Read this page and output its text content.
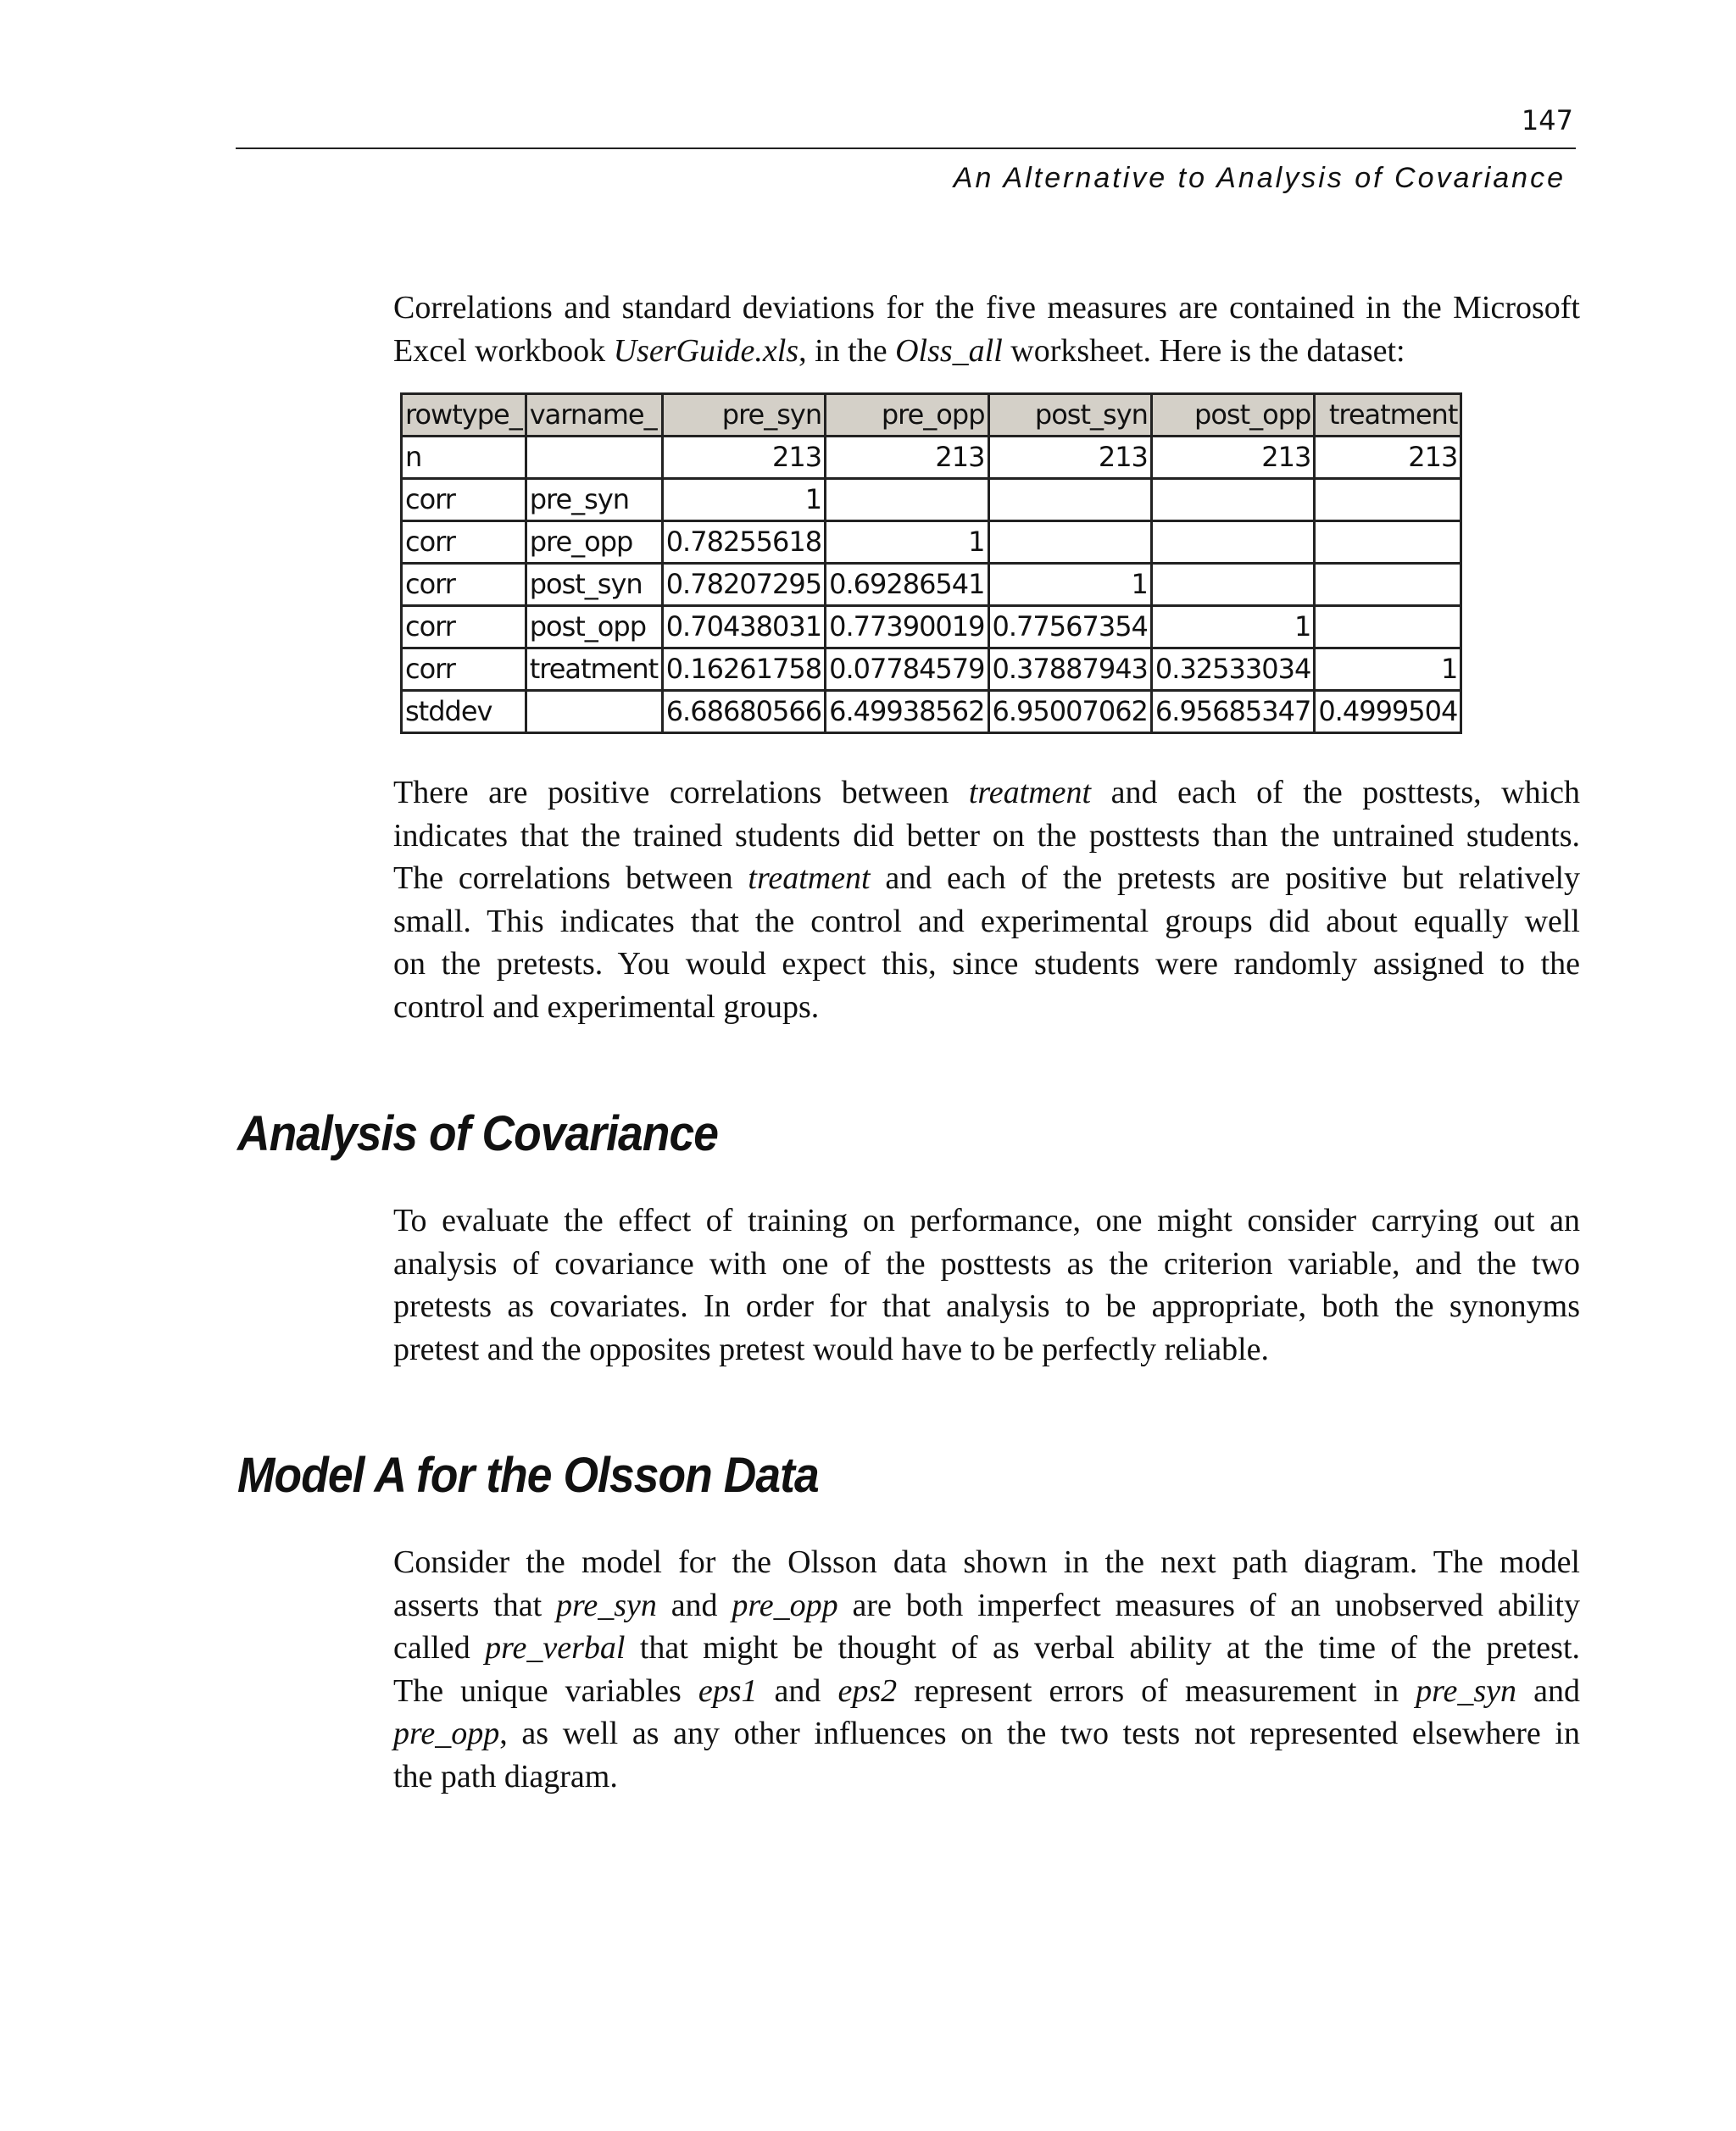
147
An Alternative to Analysis of Covariance

Correlations and standard deviations for the five measures are contained in the Microsoft
Excel workbook UserGuide.xls, in the Olss_all worksheet. Here is the dataset:

rowtype_	varname_	pre_syn	pre_opp	post_syn	post_opp	treatment
n		213	213	213	213	213
corr	pre_syn	1				
corr	pre_opp	0.78255618	1			
corr	post_syn	0.78207295	0.69286541	1		
corr	post_opp	0.70438031	0.77390019	0.77567354	1	
corr	treatment	0.16261758	0.07784579	0.37887943	0.32533034	1
stddev		6.68680566	6.49938562	6.95007062	6.95685347	0.4999504

There are positive correlations between treatment and each of the posttests, which
indicates that the trained students did better on the posttests than the untrained students.
The correlations between treatment and each of the pretests are positive but relatively
small. This indicates that the control and experimental groups did about equally well
on the pretests. You would expect this, since students were randomly assigned to the
control and experimental groups.

Analysis of Covariance

To evaluate the effect of training on performance, one might consider carrying out an
analysis of covariance with one of the posttests as the criterion variable, and the two
pretests as covariates. In order for that analysis to be appropriate, both the synonyms
pretest and the opposites pretest would have to be perfectly reliable.

Model A for the Olsson Data

Consider the model for the Olsson data shown in the next path diagram. The model
asserts that pre_syn and pre_opp are both imperfect measures of an unobserved ability
called pre_verbal that might be thought of as verbal ability at the time of the pretest.
The unique variables eps1 and eps2 represent errors of measurement in pre_syn and
pre_opp, as well as any other influences on the two tests not represented elsewhere in
the path diagram.
